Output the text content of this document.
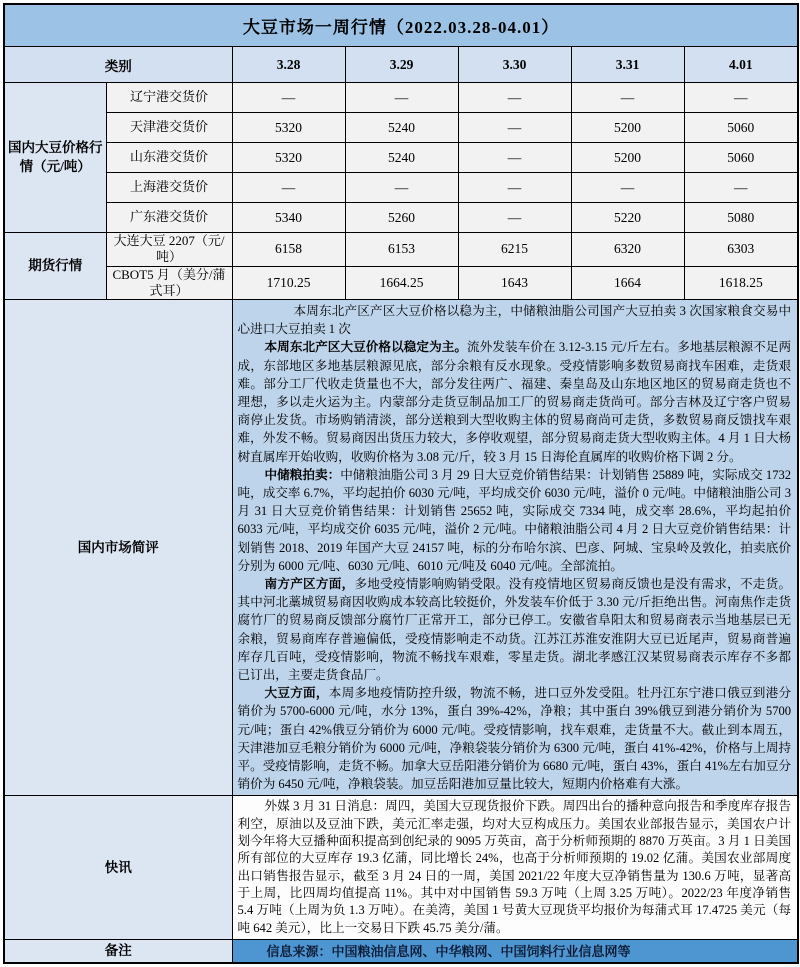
大豆市场一周行情（2022.03.28-04.01）						
类别		3.28	3.29	3.30	3.31	4.01
国内大豆价格行情（元/吨）	辽宁港交货价	—	—	—	—	—
	天津港交货价	5320	5240	—	5200	5060
	山东港交货价	5320	5240	—	5200	5060
	上海港交货价	—	—	—	—	—
	广东港交货价	5340	5260	—	5220	5080
期货行情	大连大豆 2207（元/吨）	6158	6153	6215	6320	6303
	CBOT5 月（美分/蒲式耳）	1710.25	1664.25	1643	1664	1618.25
国内市场简评		本周东北产区产区大豆价格以稳为主，中储粮油脂公司国产大豆拍卖 3 次国家粮食交易中心进口大豆拍卖 1 次

本周东北产区大豆价格以稳定为主。流外发装车价在 3.12-3.15 元/斤左右。多地基层粮源不足两成，东部地区多地基层粮源见底，部分余粮有反水现象。受疫情影响多数贸易商找车困难，走货艰难。部分工厂代收走货量也不大，部分发往两广、福建、秦皇岛及山东地区地区的贸易商走货也不理想，多以走火运为主。内蒙部分走货豆制品加工厂的贸易商走货尚可。部分吉林及辽宁客户贸易商停止发货。市场购销清淡，部分送粮到大型收购主体的贸易商尚可走货，多数贸易商反馈找车艰难，外发不畅。贸易商因出货压力较大，多停收观望，部分贸易商走货大型收购主体。4 月 1 日大杨树直属库开始收购，收购价格为 3.08 元/斤，较 3 月 15 日海伦直属库的收购价格下调 2 分。

中储粮拍卖：中储粮油脂公司 3 月 29 日大豆竞价销售结果：计划销售 25889 吨，实际成交 1732 吨，成交率 6.7%，平均起拍价 6030 元/吨，平均成交价 6030 元/吨，溢价 0 元/吨。中储粮油脂公司 3 月 31 日大豆竞价销售结果：计划销售 25652 吨，实际成交 7334 吨，成交率 28.6%，平均起拍价 6033 元/吨，平均成交价 6035 元/吨，溢价 2 元/吨。中储粮油脂公司 4 月 2 日大豆竞价销售结果：计划销售 2018、2019 年国产大豆 24157 吨，标的分布哈尔滨、巴彦、阿城、宝泉岭及敦化，拍卖底价分别为 6000 元/吨、6030 元/吨、6010 元/吨及 6040 元/吨。全部流拍。

南方产区方面，多地受疫情影响购销受限。没有疫情地区贸易商反馈也是没有需求，不走货。其中河北藁城贸易商因收购成本较高比较挺价，外发装车价低于 3.30 元/斤拒绝出售。河南焦作走货腐竹厂的贸易商反馈部分腐竹厂正常开工，部分已停工。安徽省阜阳太和贸易商表示当地基层已无余粮，贸易商库存普遍偏低，受疫情影响走不动货。江苏江苏淮安淮阴大豆已近尾声，贸易商普遍库存几百吨，受疫情影响，物流不畅找车艰难，零星走货。湖北孝感江汉某贸易商表示库存不多都已订出，主要走货食品厂。

大豆方面，本周多地疫情防控升级，物流不畅，进口豆外发受阻。牡丹江东宁港口俄豆到港分销价为 5700-6000 元/吨，水分 13%，蛋白 39%-42%，净粮；其中蛋白 39%俄豆到港分销价为 5700 元/吨；蛋白 42%俄豆分销价为 6000 元/吨。受疫情影响，找车艰难，走货量不大。截止到本周五，天津港加豆毛粮分销价为 6000 元/吨，净粮袋装分销价为 6300 元/吨，蛋白 41%-42%，价格与上周持平。受疫情影响，走货不畅。加拿大豆岳阳港分销价为 6680 元/吨，蛋白 43%，蛋白 41%左右加豆分销价为 6450 元/吨，净粮袋装。加豆岳阳港加豆量比较大，短期内价格难有大涨。				

快讯		外媒 3 月 31 日消息：周四，美国大豆现货报价下跌。周四出台的播种意向报告和季度库存报告利空，原油以及豆油下跌，美元汇率走强，均对大豆构成压力。美国农业部报告显示，美国农户计划今年将大豆播种面积提高到创纪录的 9095 万英亩，高于分析师预期的 8870 万英亩。3 月 1 日美国所有部位的大豆库存 19.3 亿蒲，同比增长 24%，也高于分析师预期的 19.02 亿蒲。美国农业部周度出口销售报告显示，截至 3 月 24 日的一周，美国 2021/22 年度大豆净销售量为 130.6 万吨，显著高于上周，比四周均值提高 11%。其中对中国销售 59.3 万吨（上周 3.25 万吨）。2022/23 年度净销售 5.4 万吨（上周为负 1.3 万吨）。在美湾，美国 1 号黄大豆现货平均报价为每蒲式耳 17.4725 美元（每吨 642 美元），比上一交易日下跌 45.75 美分/蒲。				

备注		信息来源：中国粮油信息网、中华粮网、中国饲料行业信息网等				
